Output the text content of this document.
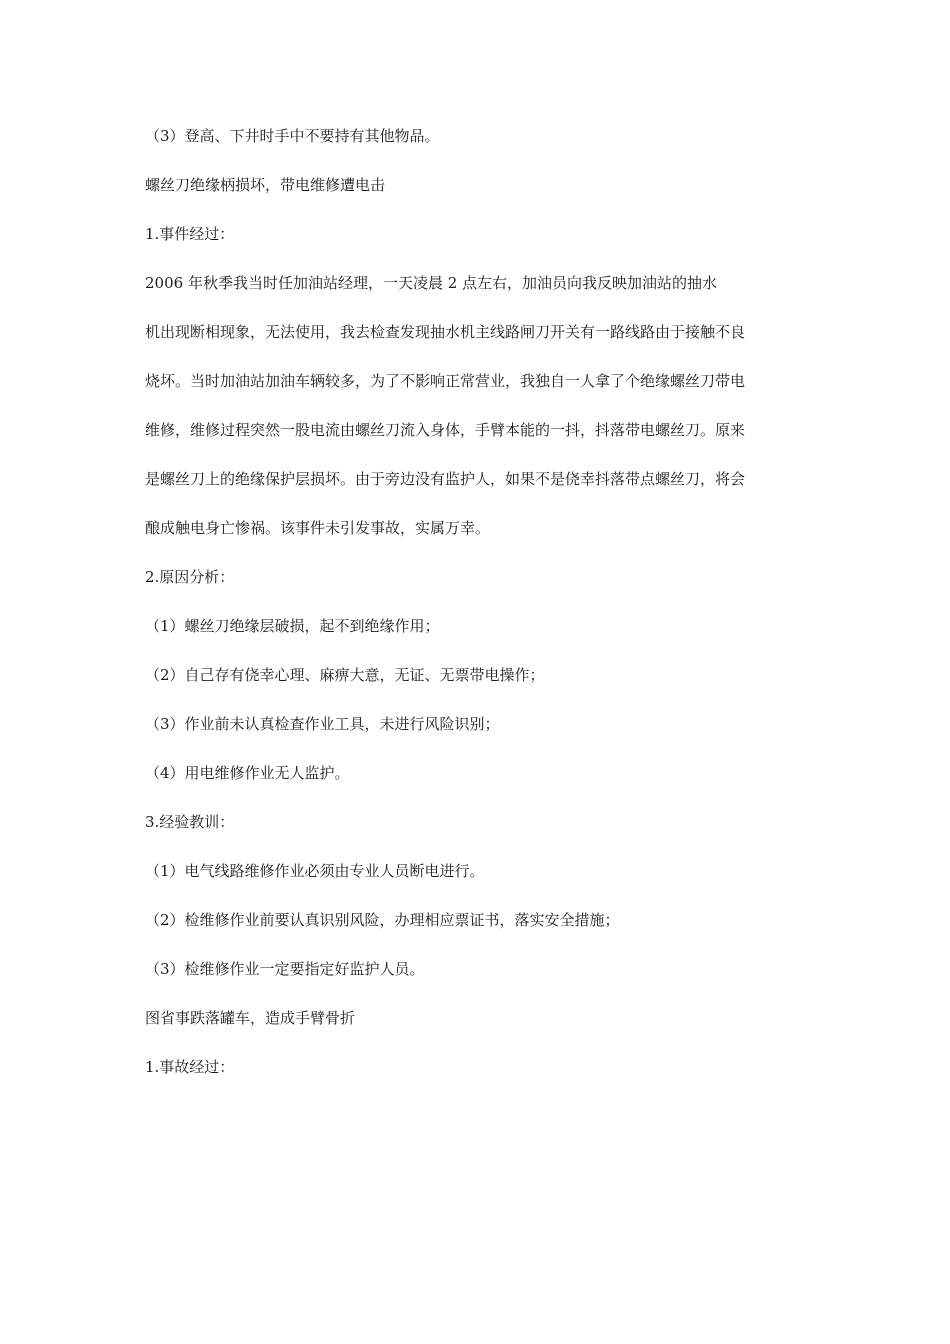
（3）登高、下井时手中不要持有其他物品。

螺丝刀绝缘柄损坏，带电维修遭电击

1.事件经过：

2006 年秋季我当时任加油站经理，一天凌晨 2 点左右，加油员向我反映加油站的抽水

机出现断相现象，无法使用，我去检查发现抽水机主线路闸刀开关有一路线路由于接触不良

烧坏。当时加油站加油车辆较多，为了不影响正常营业，我独自一人拿了个绝缘螺丝刀带电

维修，维修过程突然一股电流由螺丝刀流入身体，手臂本能的一抖，抖落带电螺丝刀。原来

是螺丝刀上的绝缘保护层损坏。由于旁边没有监护人，如果不是侥幸抖落带点螺丝刀，将会

酿成触电身亡惨祸。该事件未引发事故，实属万幸。

2.原因分析：

（1）螺丝刀绝缘层破损，起不到绝缘作用；

（2）自己存有侥幸心理、麻痹大意，无证、无票带电操作；

（3）作业前未认真检查作业工具，未进行风险识别；

（4）用电维修作业无人监护。

3.经验教训：

（1）电气线路维修作业必须由专业人员断电进行。

（2）检维修作业前要认真识别风险，办理相应票证书，落实安全措施；

（3）检维修作业一定要指定好监护人员。

图省事跌落罐车，造成手臂骨折

1.事故经过：
